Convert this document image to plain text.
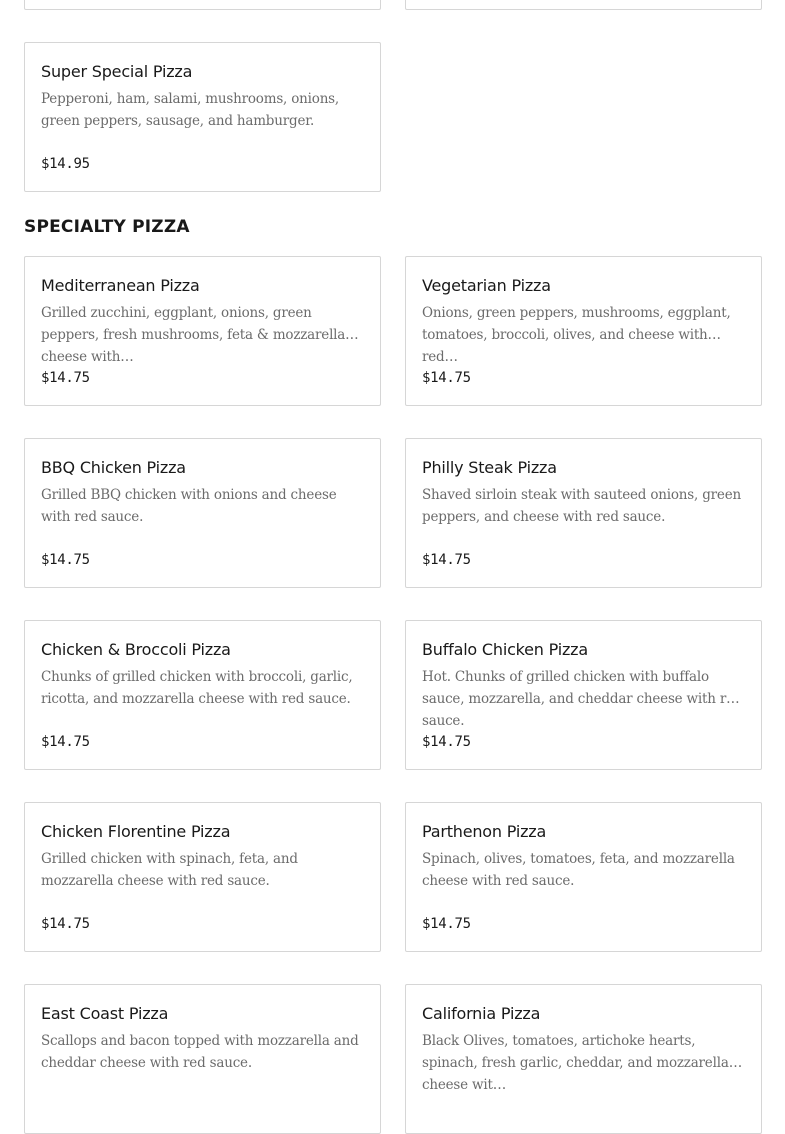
Super Special Pizza
Pepperoni, ham, salami, mushrooms, onions, green peppers, sausage, and hamburger.
$14.95
SPECIALTY PIZZA
Mediterranean Pizza
Grilled zucchini, eggplant, onions, green peppers, fresh mushrooms, feta & mozzarella cheese with…
$14.75
Vegetarian Pizza
Onions, green peppers, mushrooms, eggplant, tomatoes, broccoli, olives, and cheese with red…
$14.75
BBQ Chicken Pizza
Grilled BBQ chicken with onions and cheese with red sauce.
$14.75
Philly Steak Pizza
Shaved sirloin steak with sauteed onions, green peppers, and cheese with red sauce.
$14.75
Chicken & Broccoli Pizza
Chunks of grilled chicken with broccoli, garlic, ricotta, and mozzarella cheese with red sauce.
$14.75
Buffalo Chicken Pizza
Hot. Chunks of grilled chicken with buffalo sauce, mozzarella, and cheddar cheese with red sauce.
$14.75
Chicken Florentine Pizza
Grilled chicken with spinach, feta, and mozzarella cheese with red sauce.
$14.75
Parthenon Pizza
Spinach, olives, tomatoes, feta, and mozzarella cheese with red sauce.
$14.75
East Coast Pizza
Scallops and bacon topped with mozzarella and cheddar cheese with red sauce.
California Pizza
Black Olives, tomatoes, artichoke hearts, spinach, fresh garlic, cheddar, and mozzarella cheese wit…
